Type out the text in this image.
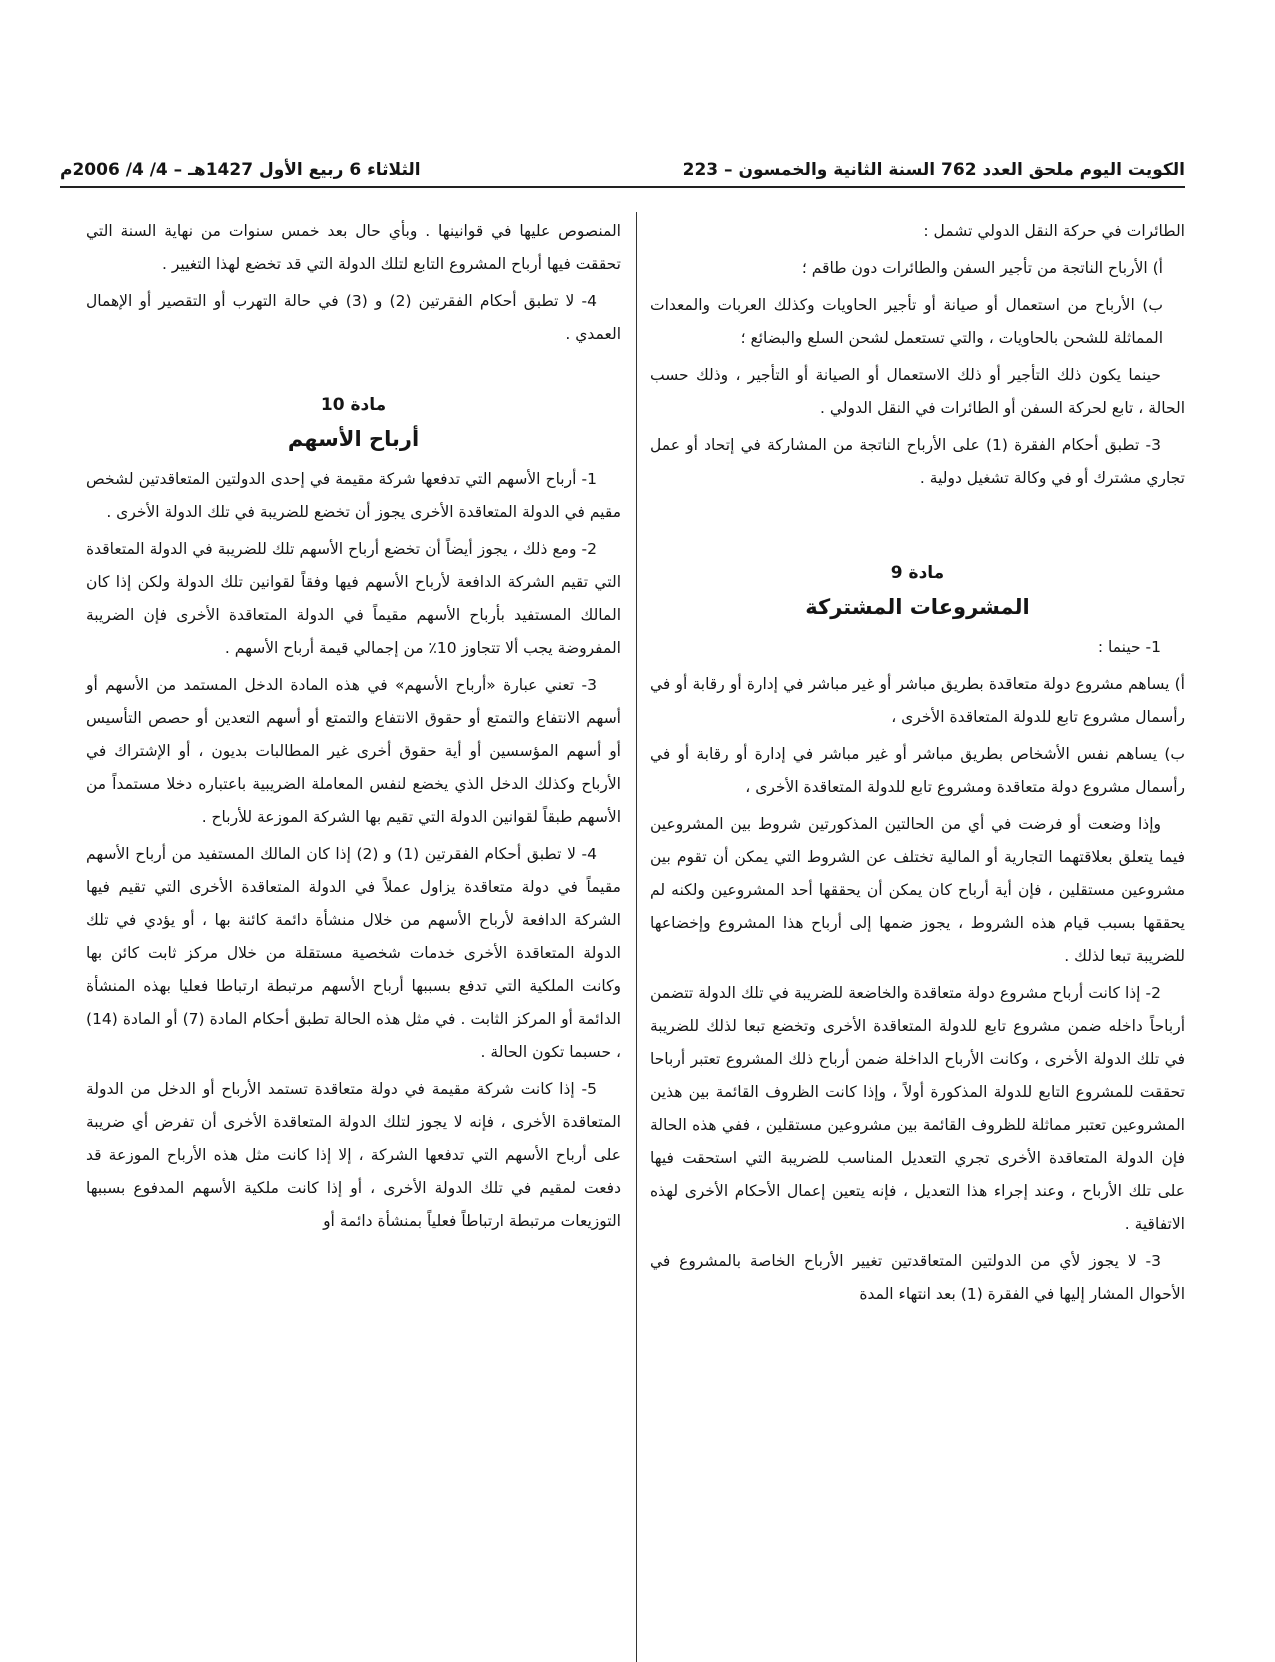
الكويت اليوم ملحق العدد 762 السنة الثانية والخمسون – 223
الثلاثاء 6 ربيع الأول 1427هـ – 4/ 4/ 2006م

الطائرات في حركة النقل الدولي تشمل :

أ) الأرباح الناتجة من تأجير السفن والطائرات دون طاقم ؛

ب) الأرباح من استعمال أو صيانة أو تأجير الحاويات وكذلك العربات والمعدات المماثلة للشحن بالحاويات ، والتي تستعمل لشحن السلع والبضائع ؛

حينما يكون ذلك التأجير أو ذلك الاستعمال أو الصيانة أو التأجير ، وذلك حسب الحالة ، تابع لحركة السفن أو الطائرات في النقل الدولي .

3- تطبق أحكام الفقرة (1) على الأرباح الناتجة من المشاركة في إتحاد أو عمل تجاري مشترك أو في وكالة تشغيل دولية .

مادة 9

المشروعات المشتركة

1- حينما :

أ) يساهم مشروع دولة متعاقدة بطريق مباشر أو غير مباشر في إدارة أو رقابة أو في رأسمال مشروع تابع للدولة المتعاقدة الأخرى ،

ب) يساهم نفس الأشخاص بطريق مباشر أو غير مباشر في إدارة أو رقابة أو في رأسمال مشروع دولة متعاقدة ومشروع تابع للدولة المتعاقدة الأخرى ،

وإذا وضعت أو فرضت في أي من الحالتين المذكورتين شروط بين المشروعين فيما يتعلق بعلاقتهما التجارية أو المالية تختلف عن الشروط التي يمكن أن تقوم بين مشروعين مستقلين ، فإن أية أرباح كان يمكن أن يحققها أحد المشروعين ولكنه لم يحققها بسبب قيام هذه الشروط ، يجوز ضمها إلى أرباح هذا المشروع وإخضاعها للضريبة تبعا لذلك .

2- إذا كانت أرباح مشروع دولة متعاقدة والخاضعة للضريبة في تلك الدولة تتضمن أرباحاً داخله ضمن مشروع تابع للدولة المتعاقدة الأخرى وتخضع تبعا لذلك للضريبة في تلك الدولة الأخرى ، وكانت الأرباح الداخلة ضمن أرباح ذلك المشروع تعتبر أرباحا تحققت للمشروع التابع للدولة المذكورة أولاً ، وإذا كانت الظروف القائمة بين هذين المشروعين تعتبر مماثلة للظروف القائمة بين مشروعين مستقلين ، ففي هذه الحالة فإن الدولة المتعاقدة الأخرى تجري التعديل المناسب للضريبة التي استحقت فيها على تلك الأرباح ، وعند إجراء هذا التعديل ، فإنه يتعين إعمال الأحكام الأخرى لهذه الاتفاقية .

3- لا يجوز لأي من الدولتين المتعاقدتين تغيير الأرباح الخاصة بالمشروع في الأحوال المشار إليها في الفقرة (1) بعد انتهاء المدة

المنصوص عليها في قوانينها . وبأي حال بعد خمس سنوات من نهاية السنة التي تحققت فيها أرباح المشروع التابع لتلك الدولة التي قد تخضع لهذا التغيير .

4- لا تطبق أحكام الفقرتين (2) و (3) في حالة التهرب أو التقصير أو الإهمال العمدي .

مادة 10

أرباح الأسهم

1- أرباح الأسهم التي تدفعها شركة مقيمة في إحدى الدولتين المتعاقدتين لشخص مقيم في الدولة المتعاقدة الأخرى يجوز أن تخضع للضريبة في تلك الدولة الأخرى .

2- ومع ذلك ، يجوز أيضاً أن تخضع أرباح الأسهم تلك للضريبة في الدولة المتعاقدة التي تقيم الشركة الدافعة لأرباح الأسهم فيها وفقاً لقوانين تلك الدولة ولكن إذا كان المالك المستفيد بأرباح الأسهم مقيماً في الدولة المتعاقدة الأخرى فإن الضريبة المفروضة يجب ألا تتجاوز 10٪ من إجمالي قيمة أرباح الأسهم .

3- تعني عبارة «أرباح الأسهم» في هذه المادة الدخل المستمد من الأسهم أو أسهم الانتفاع والتمتع أو حقوق الانتفاع والتمتع أو أسهم التعدين أو حصص التأسيس أو أسهم المؤسسين أو أية حقوق أخرى غير المطالبات بديون ، أو الإشتراك في الأرباح وكذلك الدخل الذي يخضع لنفس المعاملة الضريبية باعتباره دخلا مستمداً من الأسهم طبقاً لقوانين الدولة التي تقيم بها الشركة الموزعة للأرباح .

4- لا تطبق أحكام الفقرتين (1) و (2) إذا كان المالك المستفيد من أرباح الأسهم مقيماً في دولة متعاقدة يزاول عملاً في الدولة المتعاقدة الأخرى التي تقيم فيها الشركة الدافعة لأرباح الأسهم من خلال منشأة دائمة كائنة بها ، أو يؤدي في تلك الدولة المتعاقدة الأخرى خدمات شخصية مستقلة من خلال مركز ثابت كائن بها وكانت الملكية التي تدفع بسببها أرباح الأسهم مرتبطة ارتباطا فعليا بهذه المنشأة الدائمة أو المركز الثابت . في مثل هذه الحالة تطبق أحكام المادة (7) أو المادة (14) ، حسبما تكون الحالة .

5- إذا كانت شركة مقيمة في دولة متعاقدة تستمد الأرباح أو الدخل من الدولة المتعاقدة الأخرى ، فإنه لا يجوز لتلك الدولة المتعاقدة الأخرى أن تفرض أي ضريبة على أرباح الأسهم التي تدفعها الشركة ، إلا إذا كانت مثل هذه الأرباح الموزعة قد دفعت لمقيم في تلك الدولة الأخرى ، أو إذا كانت ملكية الأسهم المدفوع بسببها التوزيعات مرتبطة ارتباطاً فعلياً بمنشأة دائمة أو
